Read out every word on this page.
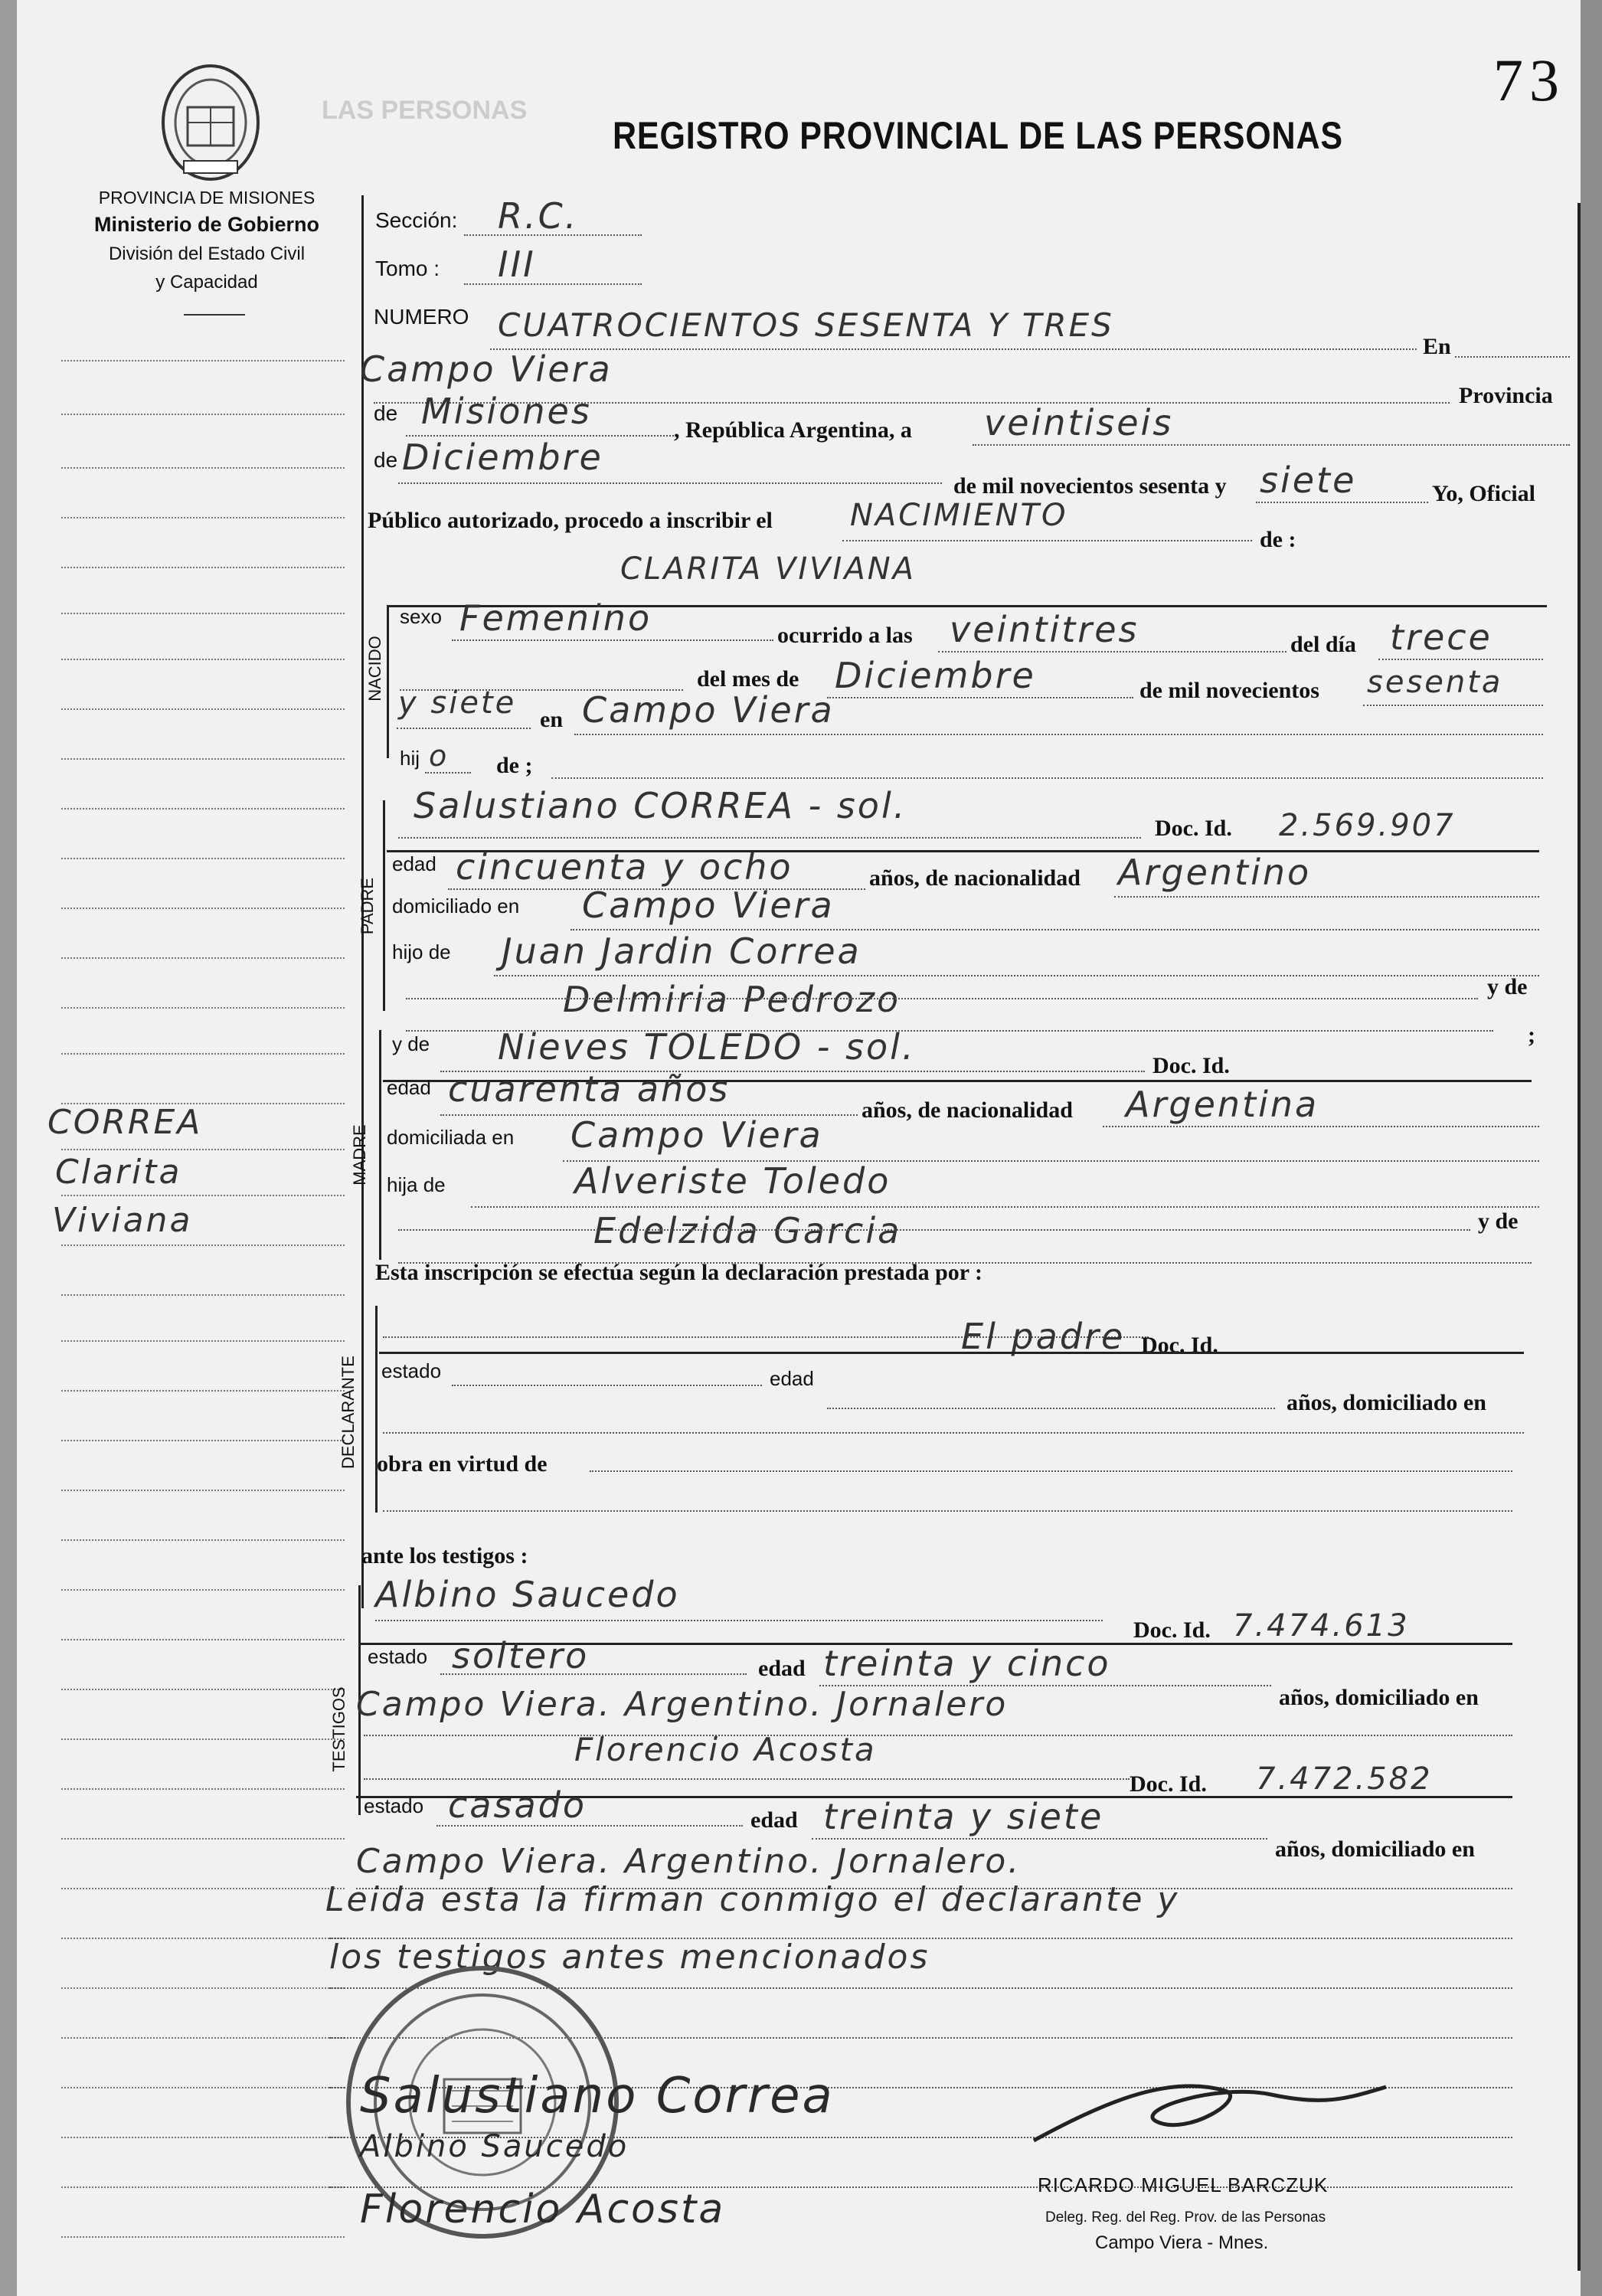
PROVINCIA DE MISIONES
Ministerio de Gobierno
División del Estado Civil
y Capacidad
REGISTRO PROVINCIAL DE LAS PERSONAS
73
LAS PERSONAS
CORREA
Clarita
Viviana
Sección: R.C.
Tomo : III
NUMERO CUATROCIENTOS SESENTA Y TRES
En
Campo Viera
Provincia
de Misiones	, República Argentina, a veintiseis
de Diciembre
de mil novecientos sesenta y siete	Yo, Oficial
Público autorizado, procedo a inscribir el	NACIMIENTO
de :
CLARITA VIVIANA
NACIDO
sexo Femenino	ocurrido a las veintitres	del día trece
del mes de Diciembre	de mil novecientos sesenta
y siete en Campo Viera
hij o de ;
PADRE
Salustiano CORREA - sol.
Doc. Id. 2.569.907
edad cincuenta y ocho	años, de nacionalidad Argentino
domiciliado en Campo Viera
hijo de Juan Jardin Correa
Delmiria Pedrozo	y de
;
MADRE
y de Nieves TOLEDO - sol.	Doc. Id.
edad cuarenta años
años, de nacionalidad Argentina
domiciliada en Campo Viera
hija de	Alveriste Toledo
Edelzida Garcia	y de
Esta inscripción se efectúa según la declaración prestada por :
DECLARANTE
El padre Doc. Id.
estado	edad
años, domiciliado en
obra en virtud de
ante los testigos :
TESTIGOS
Albino Saucedo
Doc. Id. 7.474.613
estado soltero	edad treinta y cinco
años, domiciliado en
Campo Viera. Argentino. Jornalero
Florencio Acosta
Doc. Id. 7.472.582
estado casado	edad treinta y siete
años, domiciliado en
Campo Viera. Argentino. Jornalero.
Leida esta la firman conmigo el declarante y
los testigos antes mencionados
Salustiano Correa
Albino Saucedo
Florencio Acosta
RICARDO MIGUEL BARCZUK
Deleg. Reg. del Reg. Prov. de las Personas
Campo Viera - Mnes.
